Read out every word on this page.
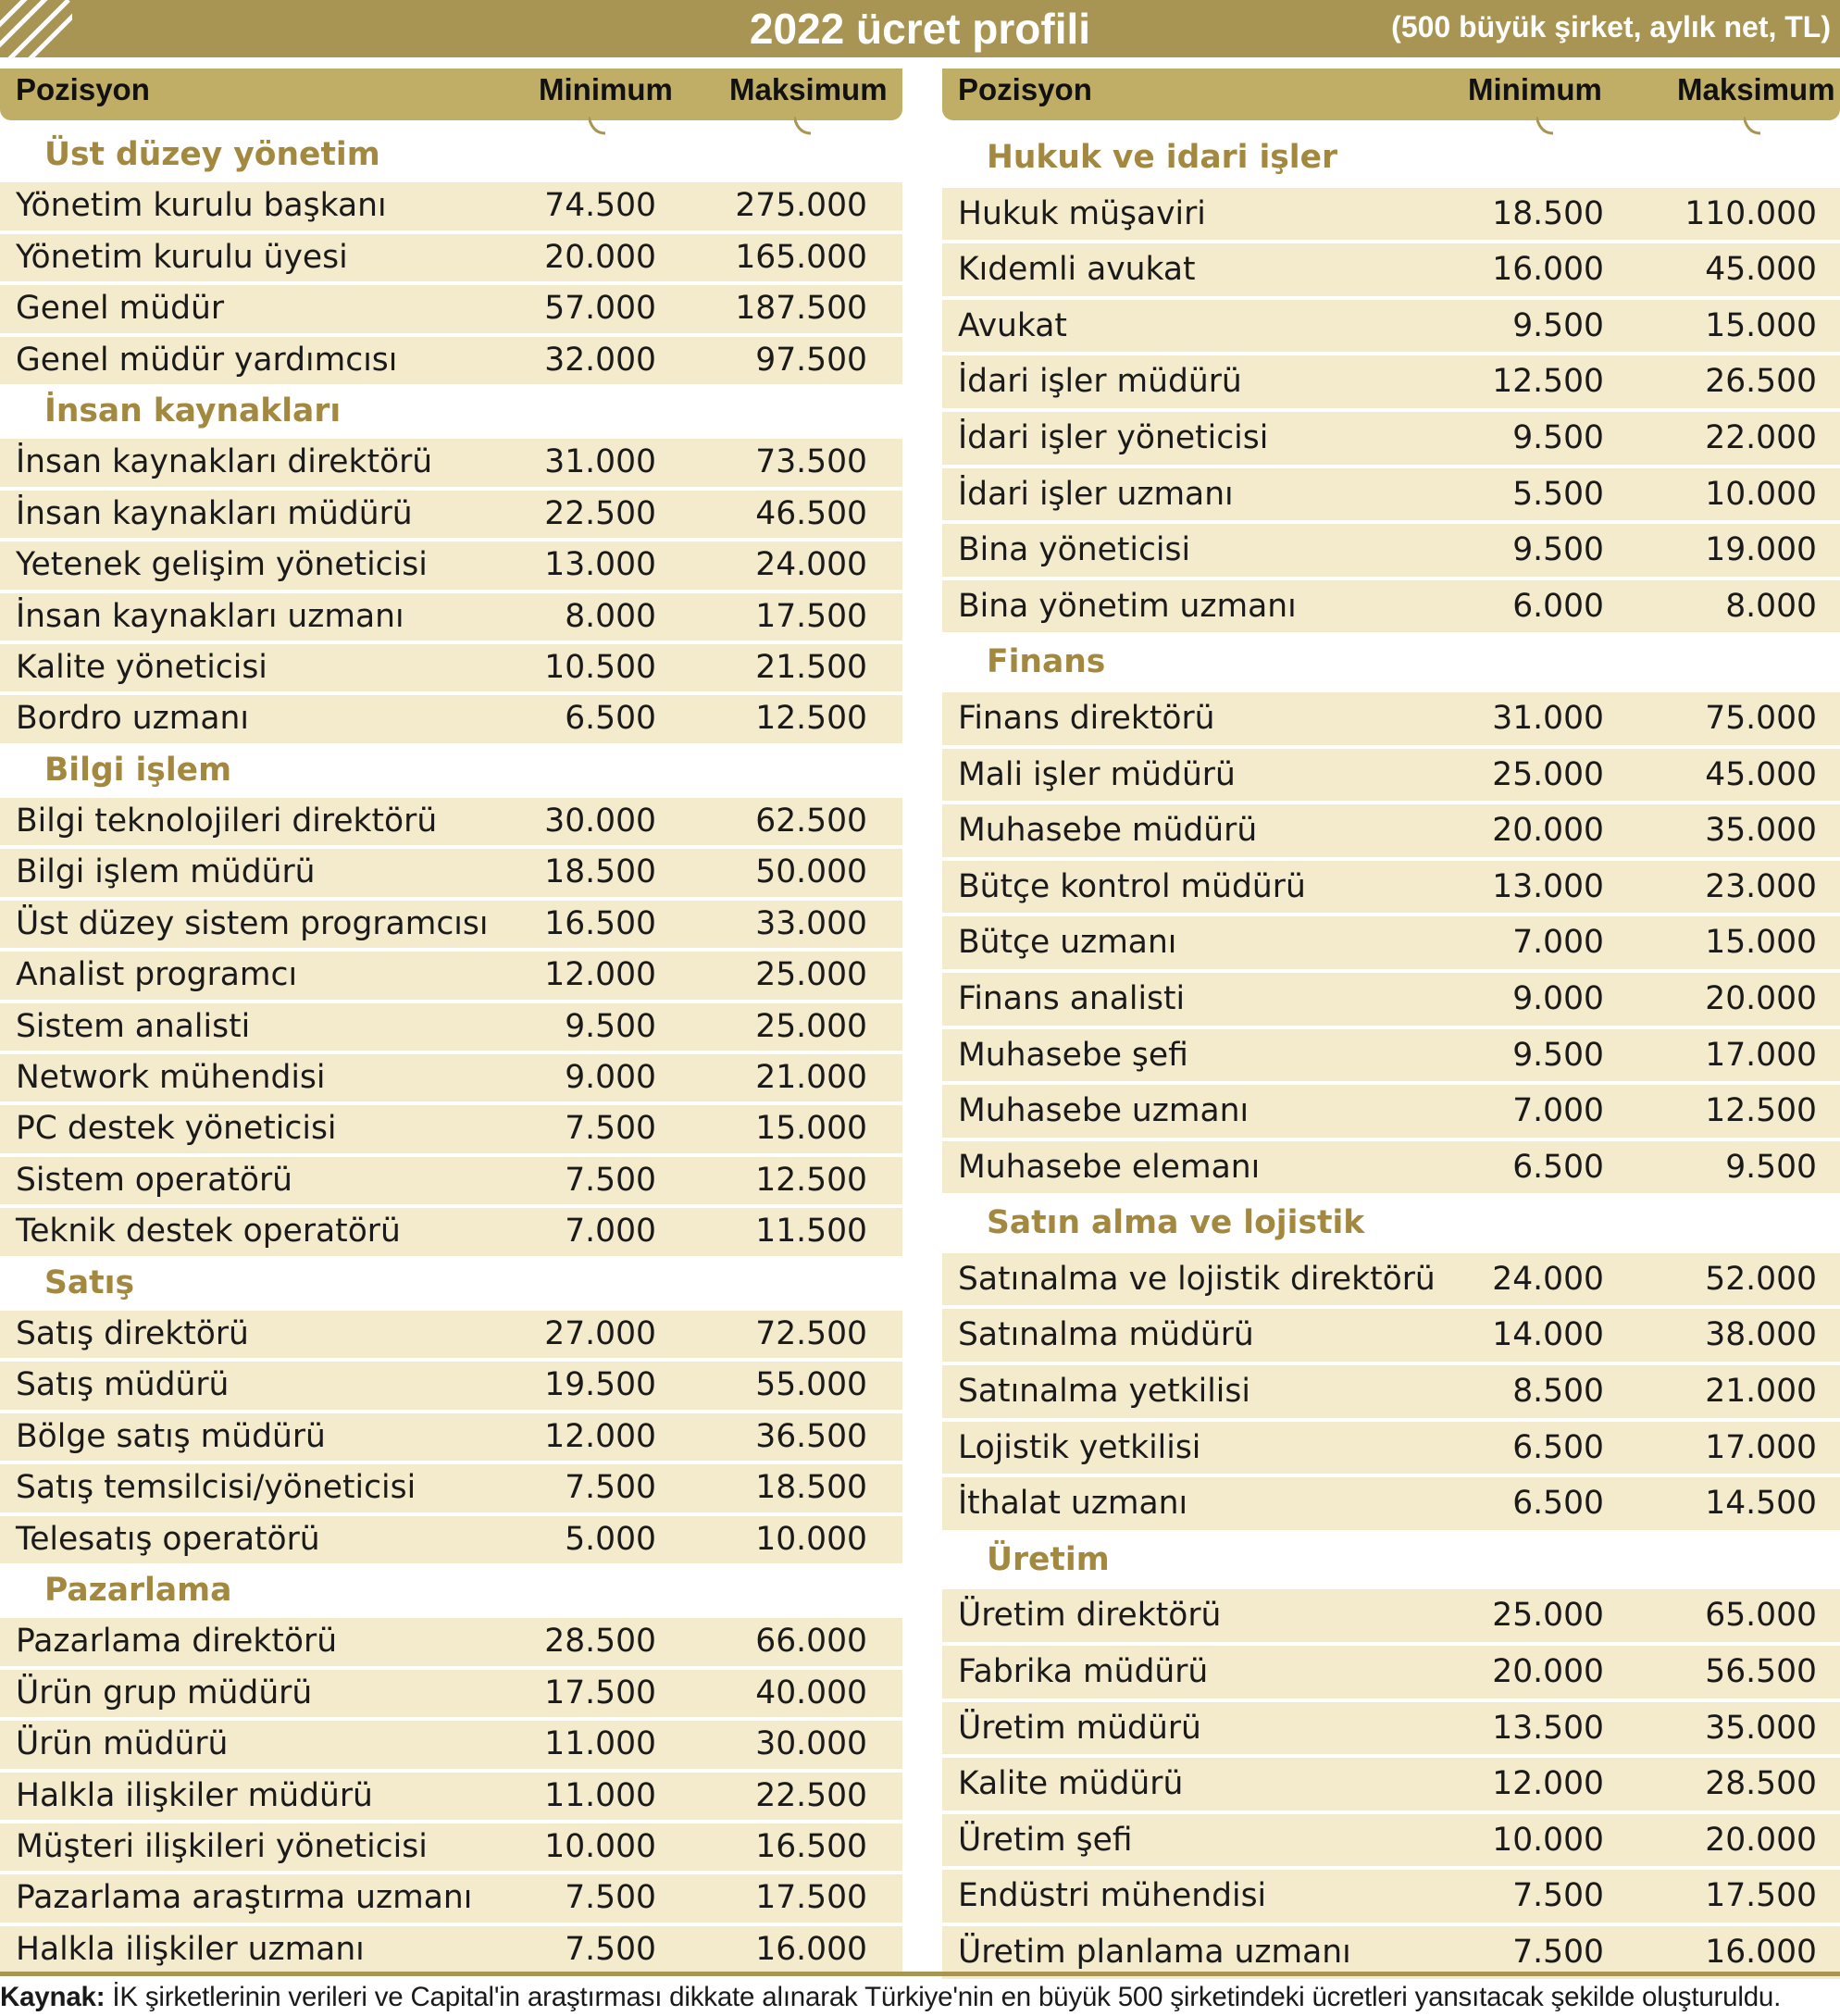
2022 ücret profili	(500 büyük şirket, aylık net, TL)
Pozisyon	Minimum Maksimum
Üst düzey yönetim
Yönetim kurulu başkanı	74.500 275.000
Yönetim kurulu üyesi	20.000 165.000
Genel müdür	57.000 187.500
Genel müdür yardımcısı	32.000	97.500
İnsan kaynakları
İnsan kaynakları direktörü	31.000	73.500
İnsan kaynakları müdürü	22.500	46.500
Yetenek gelişim yöneticisi	13.000	24.000
İnsan kaynakları uzmanı	8.000	17.500
Kalite yöneticisi	10.500	21.500
Bordro uzmanı	6.500	12.500
Bilgi işlem
Bilgi teknolojileri direktörü	30.000	62.500
Bilgi işlem müdürü	18.500	50.000
Üst düzey sistem programcısı 16.500	33.000
Analist programcı	12.000	25.000
Sistem analisti	9.500	25.000
Network mühendisi	9.000	21.000
PC destek yöneticisi	7.500	15.000
Sistem operatörü	7.500	12.500
Teknik destek operatörü	7.000	11.500
Satış
Satış direktörü	27.000	72.500
Satış müdürü	19.500	55.000
Bölge satış müdürü	12.000	36.500
Satış temsilcisi/yöneticisi	7.500	18.500
Telesatış operatörü	5.000	10.000
Pazarlama
Pazarlama direktörü	28.500	66.000
Ürün grup müdürü	17.500	40.000
Ürün müdürü	11.000	30.000
Halkla ilişkiler müdürü	11.000	22.500
Müşteri ilişkileri yöneticisi	10.000	16.500
Pazarlama araştırma uzmanı	7.500	17.500
Halkla ilişkiler uzmanı	7.500	16.000
Pozisyon	Minimum Maksimum
Hukuk ve idari işler
Hukuk müşaviri	18.500	110.000
Kıdemli avukat	16.000	45.000
Avukat	9.500	15.000
İdari işler müdürü	12.500	26.500
İdari işler yöneticisi	9.500	22.000
İdari işler uzmanı	5.500	10.000
Bina yöneticisi	9.500	19.000
Bina yönetim uzmanı	6.000	8.000
Finans
Finans direktörü	31.000	75.000
Mali işler müdürü	25.000	45.000
Muhasebe müdürü	20.000	35.000
Bütçe kontrol müdürü	13.000	23.000
Bütçe uzmanı	7.000	15.000
Finans analisti	9.000	20.000
Muhasebe şefi	9.500	17.000
Muhasebe uzmanı	7.000	12.500
Muhasebe elemanı	6.500	9.500
Satın alma ve lojistik
Satınalma ve lojistik direktörü 24.000	52.000
Satınalma müdürü	14.000	38.000
Satınalma yetkilisi	8.500	21.000
Lojistik yetkilisi	6.500	17.000
İthalat uzmanı	6.500	14.500
Üretim
Üretim direktörü	25.000	65.000
Fabrika müdürü	20.000	56.500
Üretim müdürü	13.500	35.000
Kalite müdürü	12.000	28.500
Üretim şefi	10.000	20.000
Endüstri mühendisi	7.500	17.500
Üretim planlama uzmanı	7.500	16.000
Kaynak: İK şirketlerinin verileri ve Capital'in araştırması dikkate alınarak Türkiye'nin en büyük 500 şirketindeki ücretleri yansıtacak şekilde oluşturuldu.
